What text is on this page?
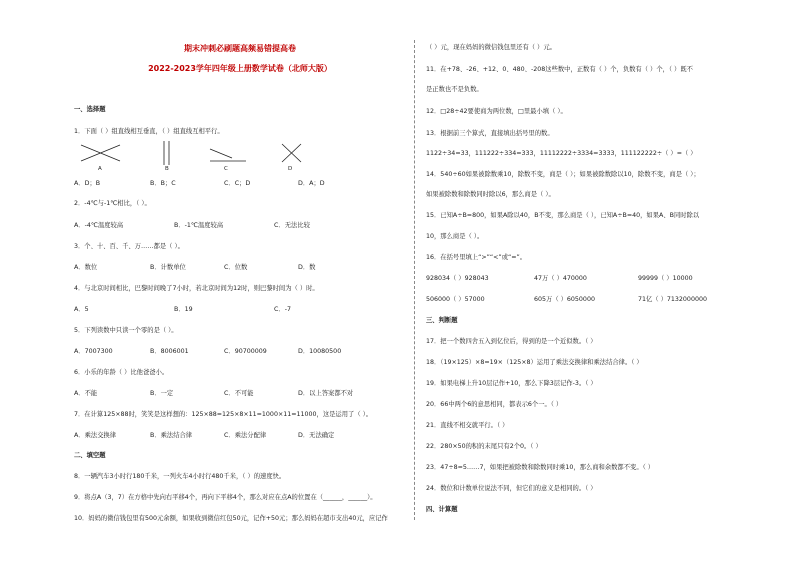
期末冲刺必刷题高频易错提高卷
2022-2023学年四年级上册数学试卷（北师大版）
一、选择题
1．下面（ ）组直线相互垂直，（ ）组直线互相平行。
A	B	C	D
A．D；B	B．B；C	C．C；D	D．A；D
2．-4℃与-1℃相比，（ ）。
A．-4℃温度较高	B．-1℃温度较高	C．无法比较
3．个、十、百、千、万……都是（ ）。
A．数位	B．计数单位	C．位数	D．数
4．与北京时间相比，巴黎时间晚了7小时，若北京时间为12时，则巴黎时间为（ ）时。
A．5	B．19	C．-7
5．下列读数中只读一个零的是（ ）。
A．7007300	B．8006001	C．90700009	D．10080500
6．小乐的年龄（ ）比他爸爸小。
A．不能	B．一定	C．不可能	D．以上答案都不对
7．在计算125×88时，笑笑是这样想的：125×88=125×8×11=1000×11=11000，这是运用了（ ）。
A．乘法交换律	B．乘法结合律	C．乘法分配律	D．无法确定
二、填空题
8．一辆汽车3小时行180千米，一列火车4小时行480千米，（ ）的速度快。
9．将点A（3，7）在方格中先向右平移4个，再向下平移4个，那么对应在点A的位置在（______，______）。
10．妈妈的微信钱包里有500元余额，如果收到微信红包50元，记作+50元；那么妈妈在超市支出40元，应记作
（ ）元，现在妈妈的微信钱包里还有（ ）元。
11．在+78、-26、+12、0、480、-208这些数中，正数有（ ）个，负数有（ ）个，（ ）既不
是正数也不是负数。
12．□28÷42要使商为两位数，□里最小填（ ）。
13．根据前三个算式，直接填出括号里的数。
1122÷34=33，111222÷334=333，11112222÷3334=3333，111122222÷（ ）=（ ）
14．540÷60如果被除数乘10，除数不变，商是（ ）；如果被除数除以10，除数不变，商是（ ）；
如果被除数和除数同时除以6，那么商是（ ）。
15．已知A÷B=800，如果A除以40，B不变，那么商是（ ），已知A÷B=40，如果A、B同时除以
10，那么商是（ ）。
16．在括号里填上“>”“<”或“=”。
928034（ ）928043	47万（ ）470000	99999（ ）10000
506000（ ）57000	605万（ ）6050000	71亿（ ）7132000000
三、判断题
17．把一个数四舍五入到亿位后，得到的是一个近似数。（ ）
18．（19×125）×8=19×（125×8）运用了乘法交换律和乘法结合律。（ ）
19．如果电梯上升10层记作+10，那么下降3层记作-3。（ ）
20．66中两个6的意思相同，都表示6个一。（ ）
21．直线不相交就平行。（ ）
22．280×50的积的末尾只有2个0。（ ）
23．47÷8=5……7，如果把被除数和除数同时乘10，那么商和余数都不变。（ ）
24．数位和计数单位说法不同，但它们的意义是相同的。（ ）
四、计算题
